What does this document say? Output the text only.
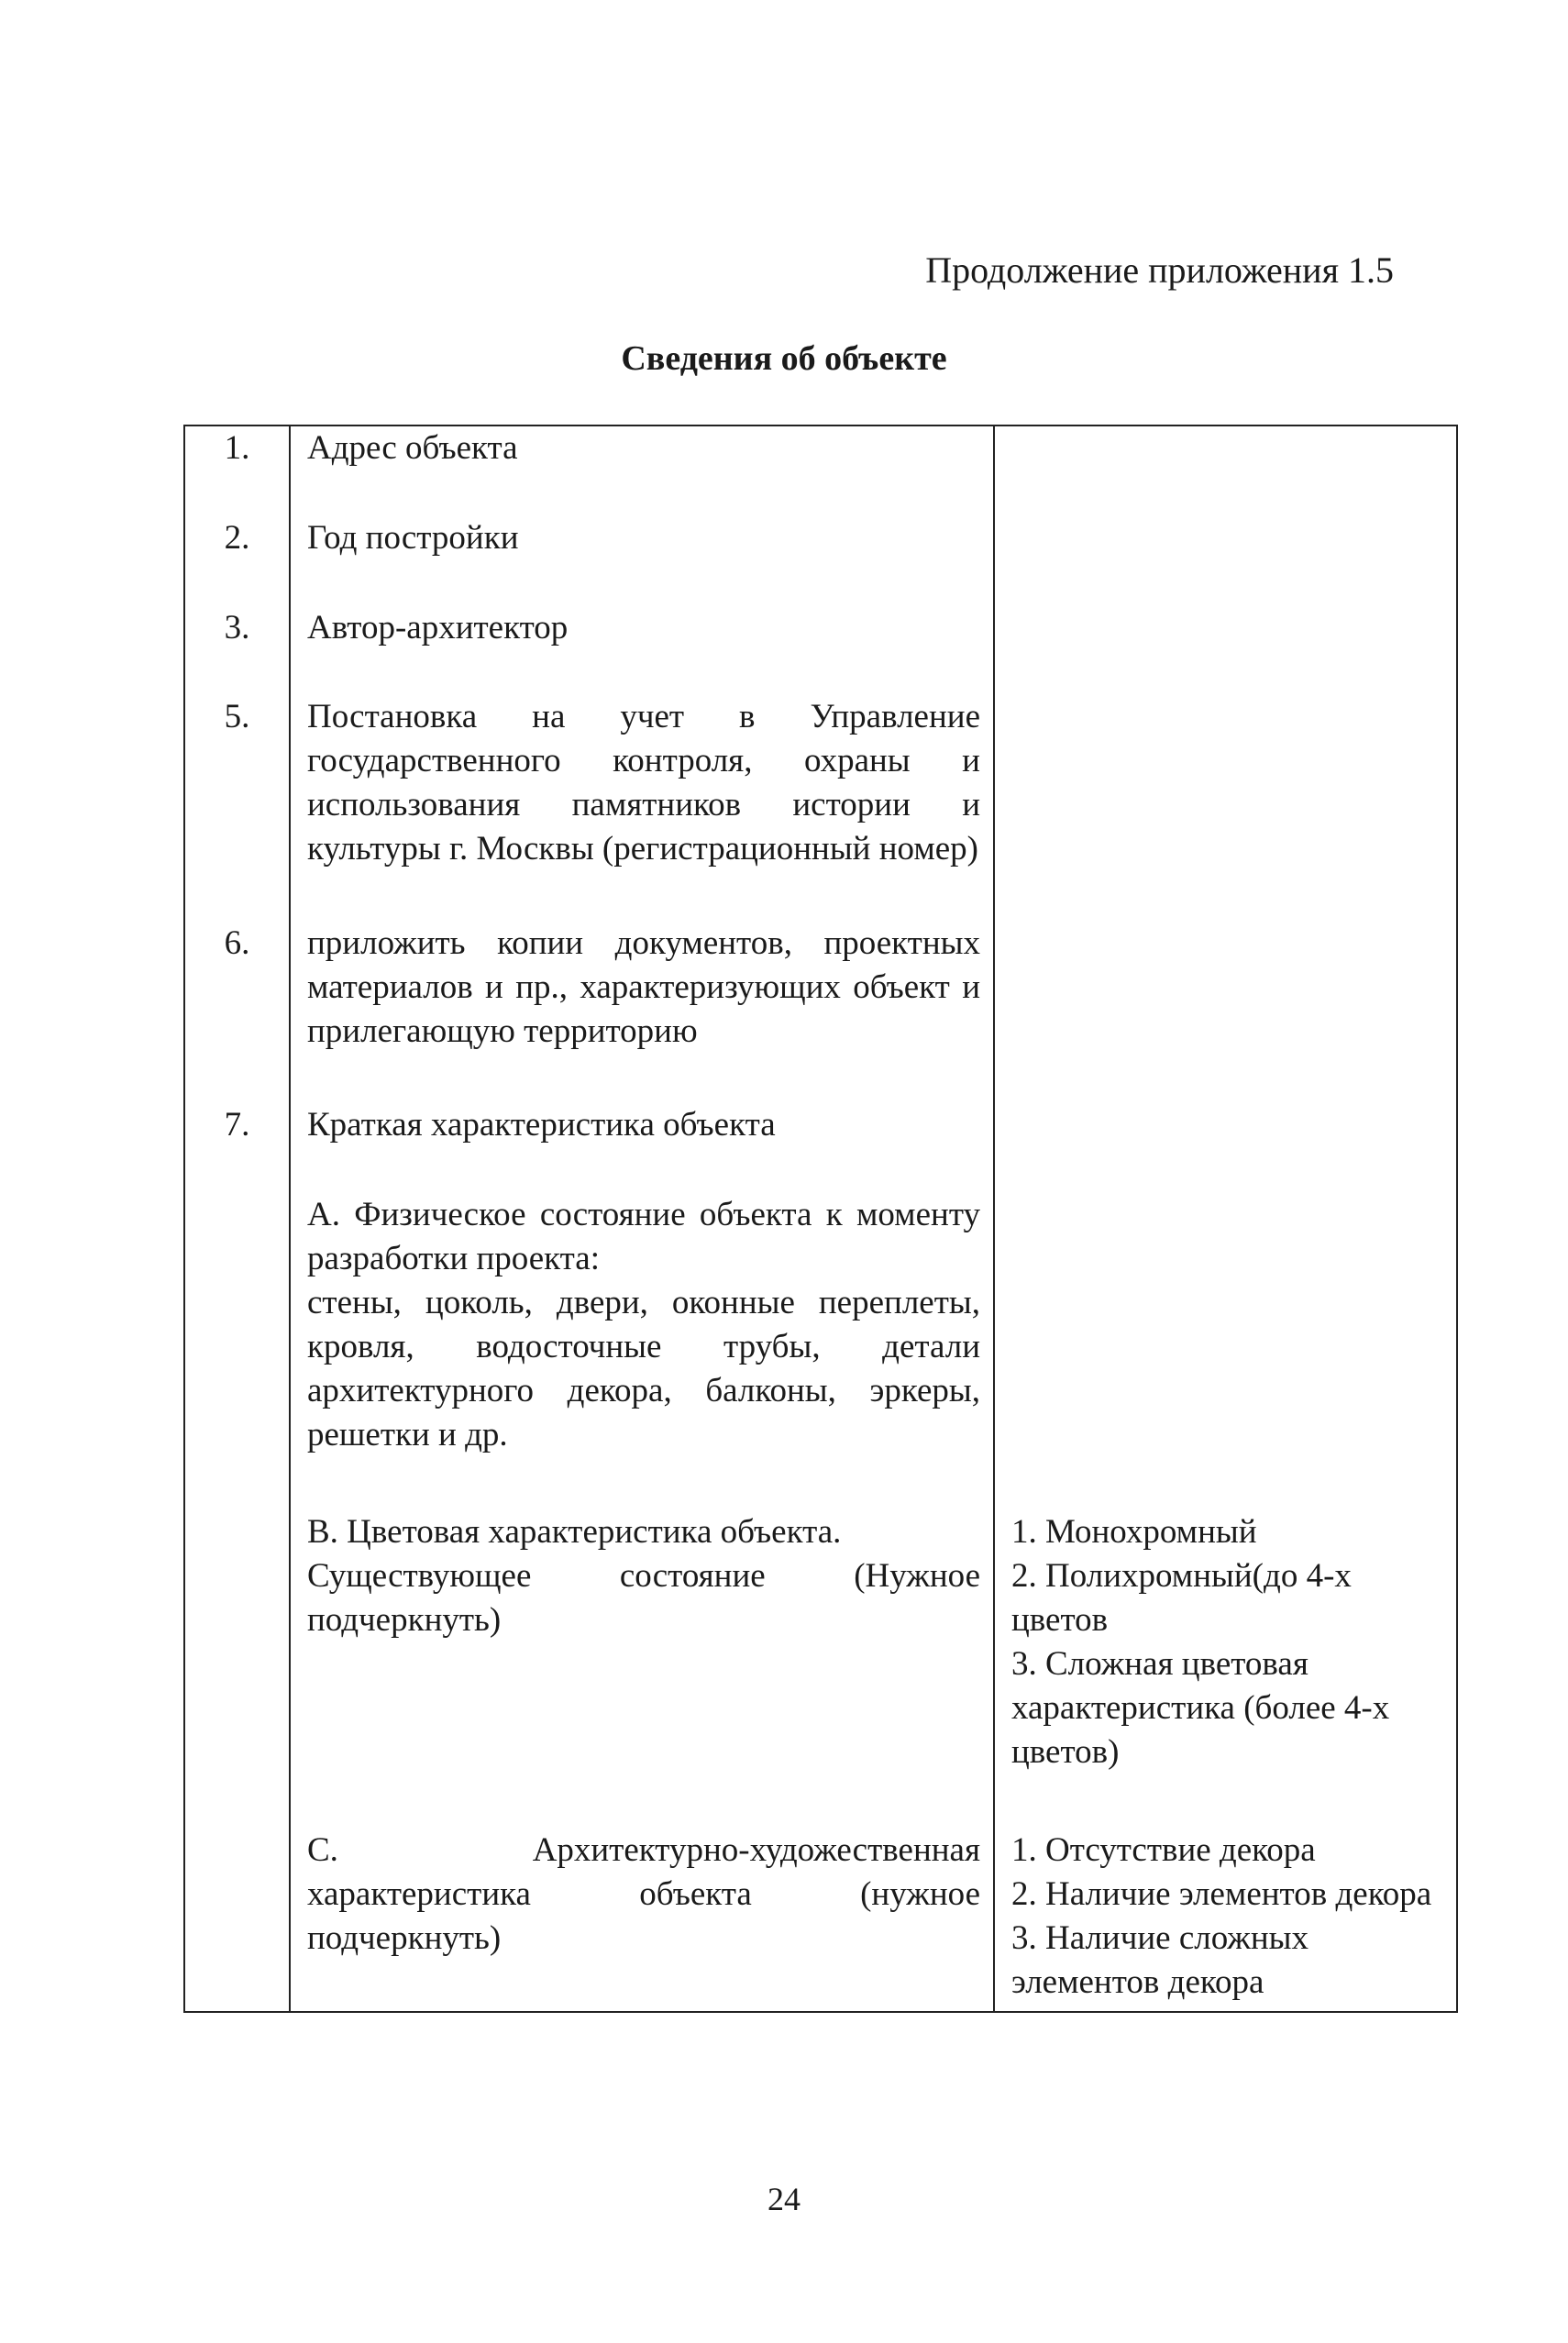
Продолжение приложения 1.5
Сведения об объекте
1.	Адрес объекта	

2.	Год постройки	

3.	Автор-архитектор	

5.	Постановка на учет в Управление государственного контроля, охраны и использования памятников истории и культуры г. Москвы (регистрационный номер)	

6.	приложить копии документов, проектных материалов и пр., характеризующих объект и прилегающую территорию	

7.	Краткая характеристика объекта	

	А. Физическое состояние объекта к моменту разработки проекта:
стены, цоколь, двери, оконные переплеты, кровля, водосточные трубы, детали архитектурного декора, балконы, эркеры, решетки и др.	

	В. Цветовая характеристика объекта.
Существующее состояние (Нужное подчеркнуть)	1. Монохромный
2. Полихромный(до 4-х цветов
3. Сложная цветовая характеристика (более 4-х цветов)

	С. Архитектурно-художественная характеристика объекта (нужное подчеркнуть)	1. Отсутствие декора
2. Наличие элементов декора
3. Наличие сложных элементов декора
24
